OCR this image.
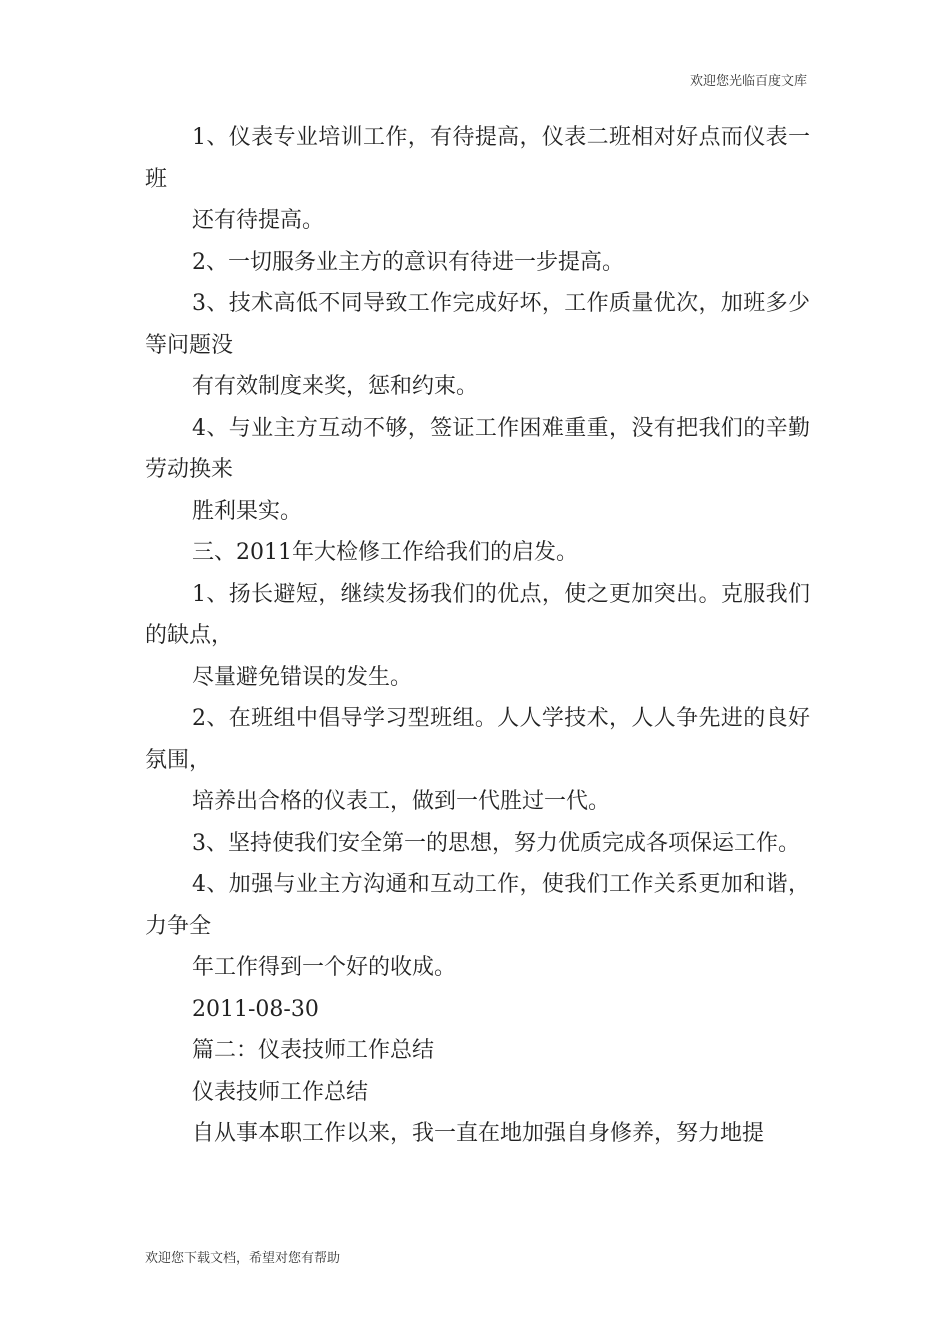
欢迎您光临百度文库

1、仪表专业培训工作，有待提高，仪表二班相对好点而仪表一班

还有待提高。

2、一切服务业主方的意识有待进一步提高。

3、技术高低不同导致工作完成好坏，工作质量优次，加班多少等问题没

有有效制度来奖，惩和约束。

4、与业主方互动不够，签证工作困难重重，没有把我们的辛勤劳动换来

胜利果实。

三、2011年大检修工作给我们的启发。

1、扬长避短，继续发扬我们的优点，使之更加突出。克服我们的缺点，

尽量避免错误的发生。

2、在班组中倡导学习型班组。人人学技术，人人争先进的良好氛围，

培养出合格的仪表工，做到一代胜过一代。

3、坚持使我们安全第一的思想，努力优质完成各项保运工作。

4、加强与业主方沟通和互动工作，使我们工作关系更加和谐，力争全

年工作得到一个好的收成。

2011-08-30

篇二：仪表技师工作总结

仪表技师工作总结

自从事本职工作以来，我一直在地加强自身修养，努力地提

欢迎您下载文档，希望对您有帮助
